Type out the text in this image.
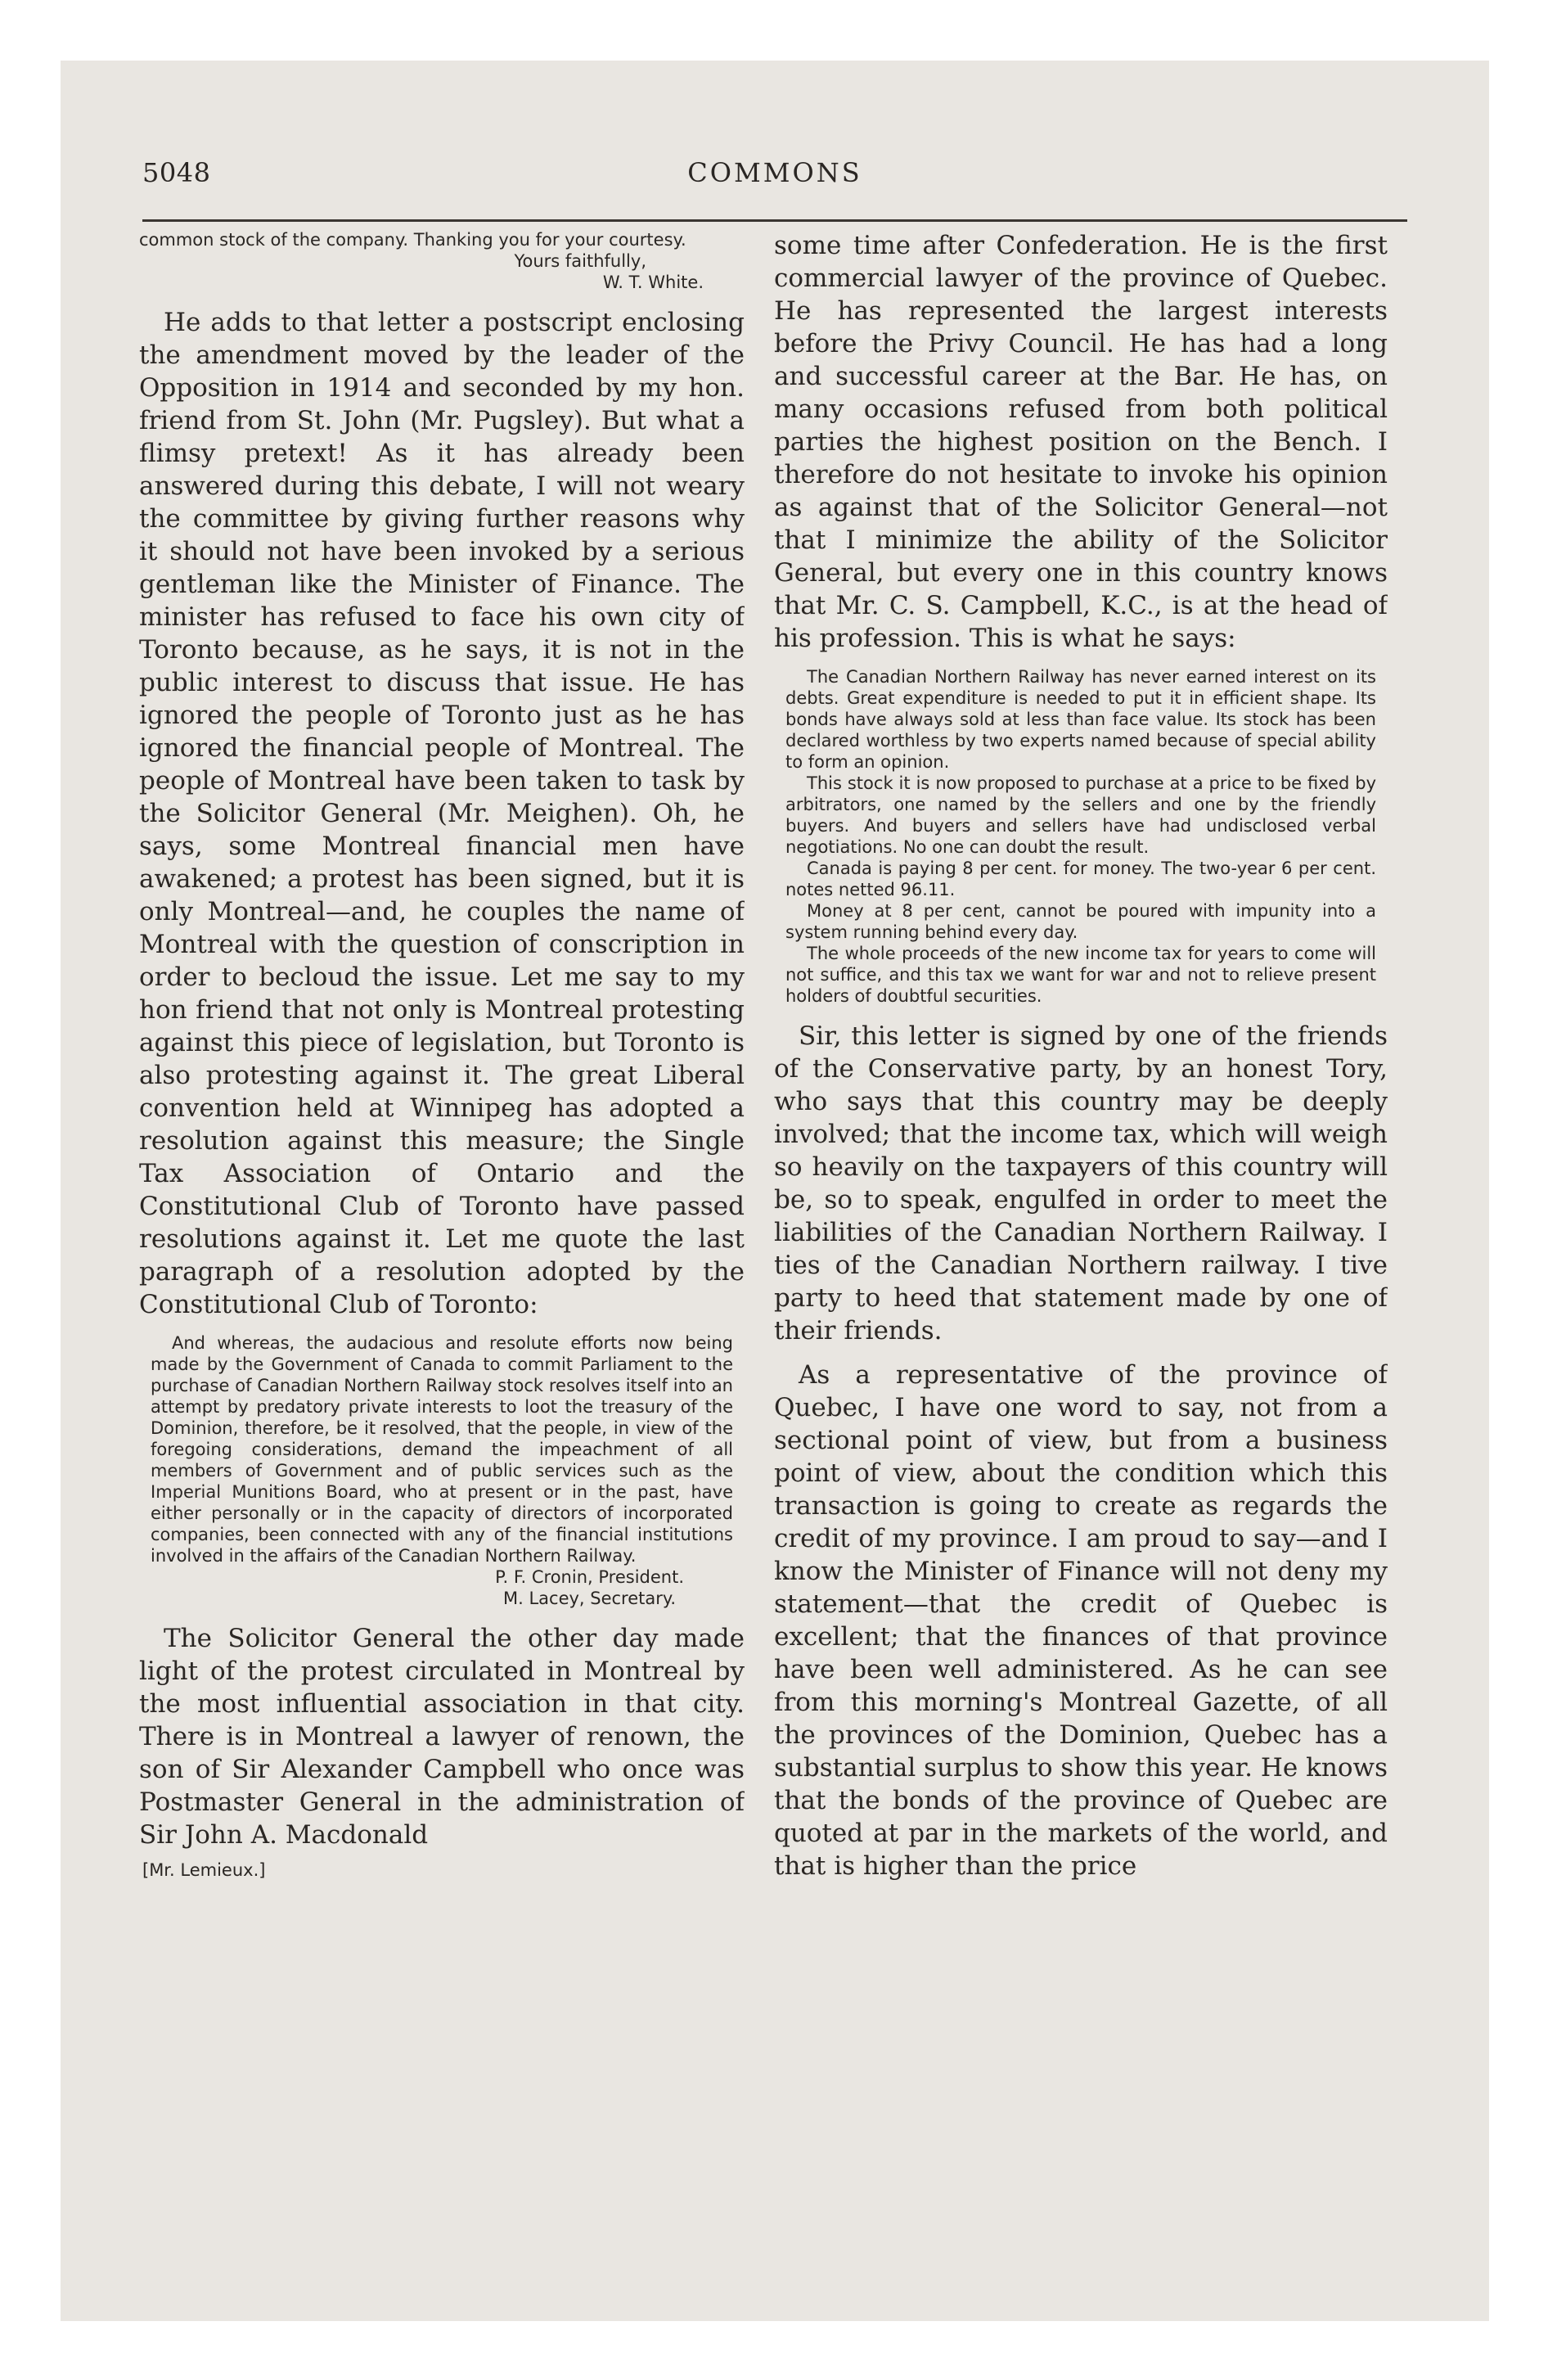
5048	COMMONS

common stock of the company. Thanking you for your courtesy.

Yours faithfully,

W. T. White.

He adds to that letter a postscript enclosing the amendment moved by the leader of the Opposition in 1914 and seconded by my hon. friend from St. John (Mr. Pugsley). But what a flimsy pretext! As it has already been answered during this debate, I will not weary the committee by giving further reasons why it should not have been invoked by a serious gentleman like the Minister of Finance. The minister has refused to face his own city of Toronto because, as he says, it is not in the public interest to discuss that issue. He has ignored the people of Toronto just as he has ignored the financial people of Montreal. The people of Montreal have been taken to task by the Solicitor General (Mr. Meighen). Oh, he says, some Montreal financial men have awakened; a protest has been signed, but it is only Montreal—and, he couples the name of Montreal with the question of conscription in order to becloud the issue. Let me say to my hon friend that not only is Montreal protesting against this piece of legislation, but Toronto is also protesting against it. The great Liberal convention held at Winnipeg has adopted a resolution against this measure; the Single Tax Association of Ontario and the Constitutional Club of Toronto have passed resolutions against it. Let me quote the last paragraph of a resolution adopted by the Constitutional Club of Toronto:

And whereas, the audacious and resolute efforts now being made by the Government of Canada to commit Parliament to the purchase of Canadian Northern Railway stock resolves itself into an attempt by predatory private interests to loot the treasury of the Dominion, therefore, be it resolved, that the people, in view of the foregoing considerations, demand the impeachment of all members of Government and of public services such as the Imperial Munitions Board, who at present or in the past, have either personally or in the capacity of directors of incorporated companies, been connected with any of the financial institutions involved in the affairs of the Canadian Northern Railway.

P. F. Cronin, President.

M. Lacey, Secretary.

The Solicitor General the other day made light of the protest circulated in Montreal by the most influential association in that city. There is in Montreal a lawyer of renown, the son of Sir Alexander Campbell who once was Postmaster General in the administration of Sir John A. Macdonald

[Mr. Lemieux.]

some time after Confederation. He is the first commercial lawyer of the province of Quebec. He has represented the largest interests before the Privy Council. He has had a long and successful career at the Bar. He has, on many occasions refused from both political parties the highest position on the Bench. I therefore do not hesitate to invoke his opinion as against that of the Solicitor General—not that I minimize the ability of the Solicitor General, but every one in this country knows that Mr. C. S. Campbell, K.C., is at the head of his profession. This is what he says:

The Canadian Northern Railway has never earned interest on its debts. Great expenditure is needed to put it in efficient shape. Its bonds have always sold at less than face value. Its stock has been declared worthless by two experts named because of special ability to form an opinion.

This stock it is now proposed to purchase at a price to be fixed by arbitrators, one named by the sellers and one by the friendly buyers. And buyers and sellers have had undisclosed verbal negotiations. No one can doubt the result.

Canada is paying 8 per cent. for money. The two-year 6 per cent. notes netted 96.11.

Money at 8 per cent, cannot be poured with impunity into a system running behind every day.

The whole proceeds of the new income tax for years to come will not suffice, and this tax we want for war and not to relieve present holders of doubtful securities.

Sir, this letter is signed by one of the friends of the Conservative party, by an honest Tory, who says that this country may be deeply involved; that the income tax, which will weigh so heavily on the taxpayers of this country will be, so to speak, engulfed in order to meet the liabilities of the Canadian Northern Railway. I ties of the Canadian Northern railway. I tive party to heed that statement made by one of their friends.

As a representative of the province of Quebec, I have one word to say, not from a sectional point of view, but from a business point of view, about the condition which this transaction is going to create as regards the credit of my province. I am proud to say—and I know the Minister of Finance will not deny my statement—that the credit of Quebec is excellent; that the finances of that province have been well administered. As he can see from this morning's Montreal Gazette, of all the provinces of the Dominion, Quebec has a substantial surplus to show this year. He knows that the bonds of the province of Quebec are quoted at par in the markets of the world, and that is higher than the price
